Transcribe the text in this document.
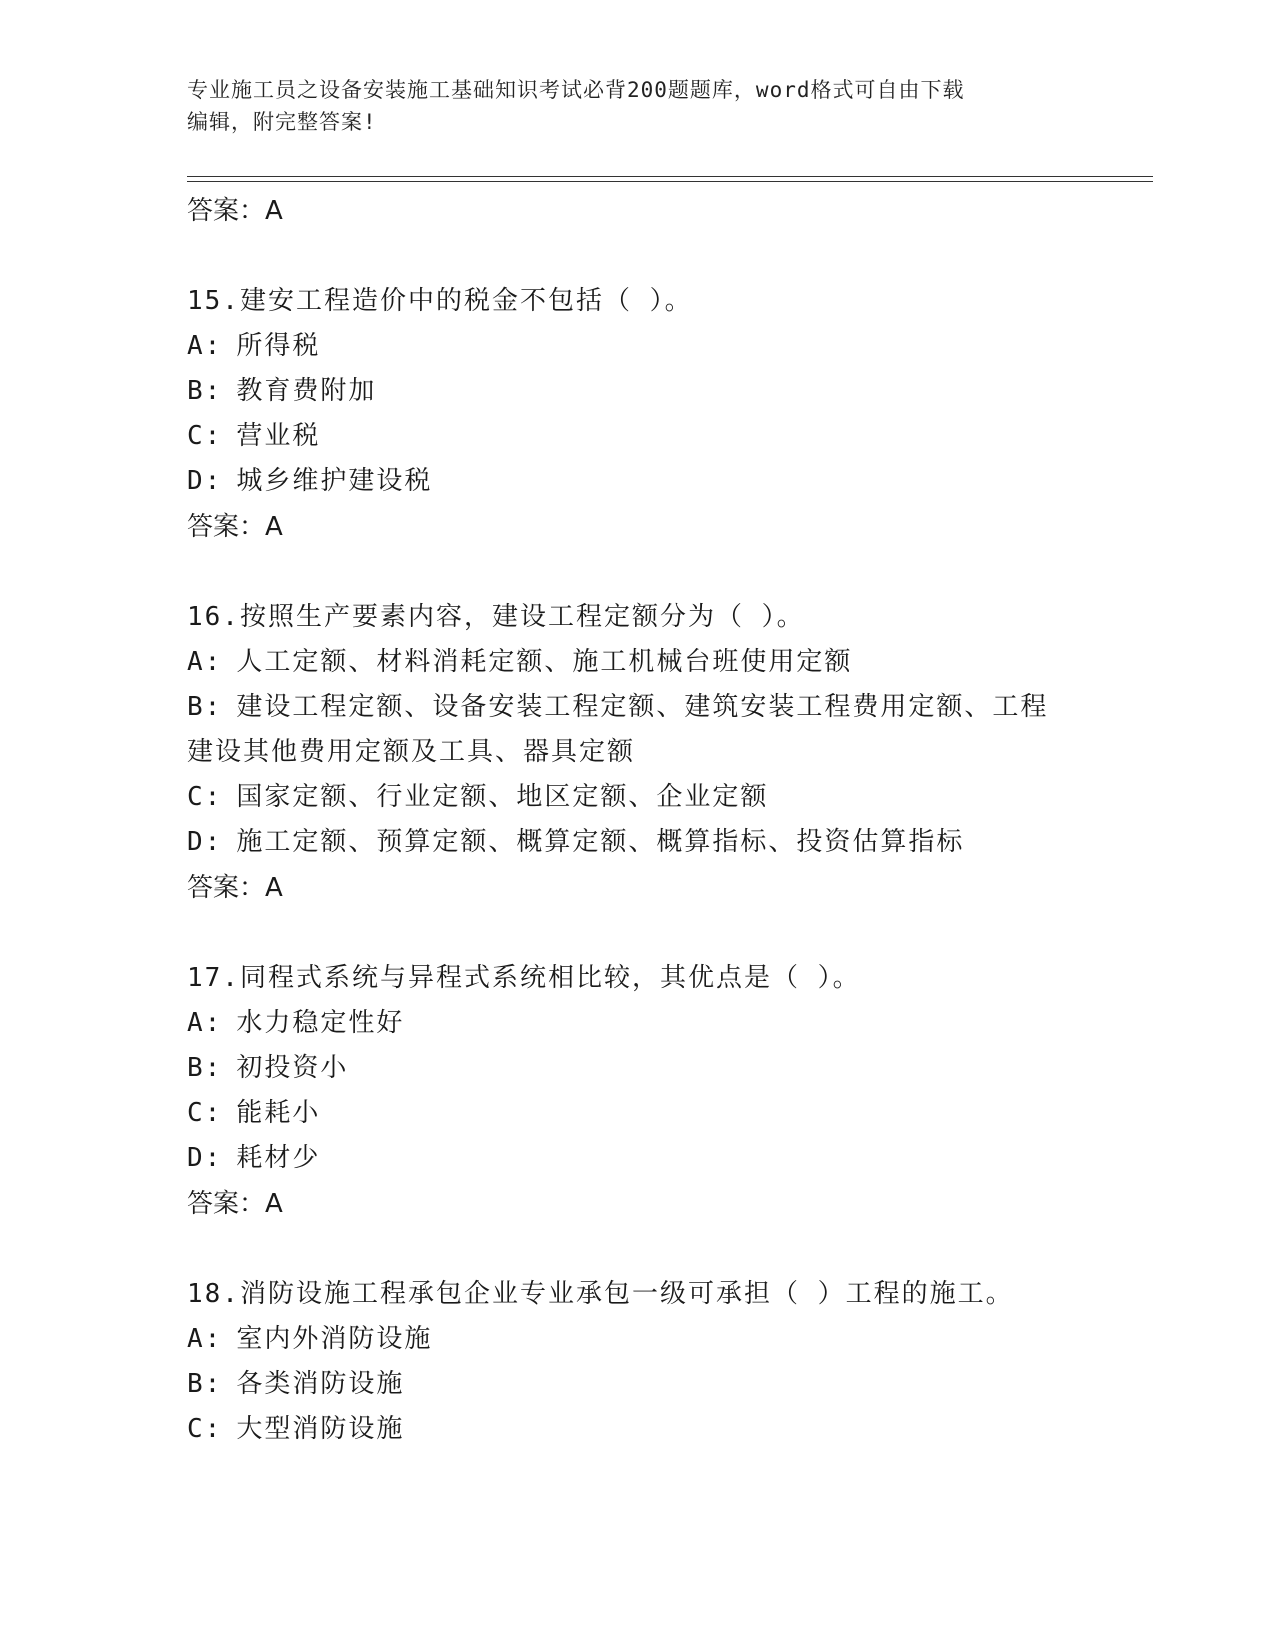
专业施工员之设备安装施工基础知识考试必背200题题库，word格式可自由下载
编辑，附完整答案!
答案：A
15.建安工程造价中的税金不包括（ ）。
A: 所得税
B: 教育费附加
C: 营业税
D: 城乡维护建设税
答案：A
16.按照生产要素内容，建设工程定额分为（ ）。
A: 人工定额、材料消耗定额、施工机械台班使用定额
B: 建设工程定额、设备安装工程定额、建筑安装工程费用定额、工程
建设其他费用定额及工具、器具定额
C: 国家定额、行业定额、地区定额、企业定额
D: 施工定额、预算定额、概算定额、概算指标、投资估算指标
答案：A
17.同程式系统与异程式系统相比较，其优点是（ ）。
A: 水力稳定性好
B: 初投资小
C: 能耗小
D: 耗材少
答案：A
18.消防设施工程承包企业专业承包一级可承担（ ）工程的施工。
A: 室内外消防设施
B: 各类消防设施
C: 大型消防设施
